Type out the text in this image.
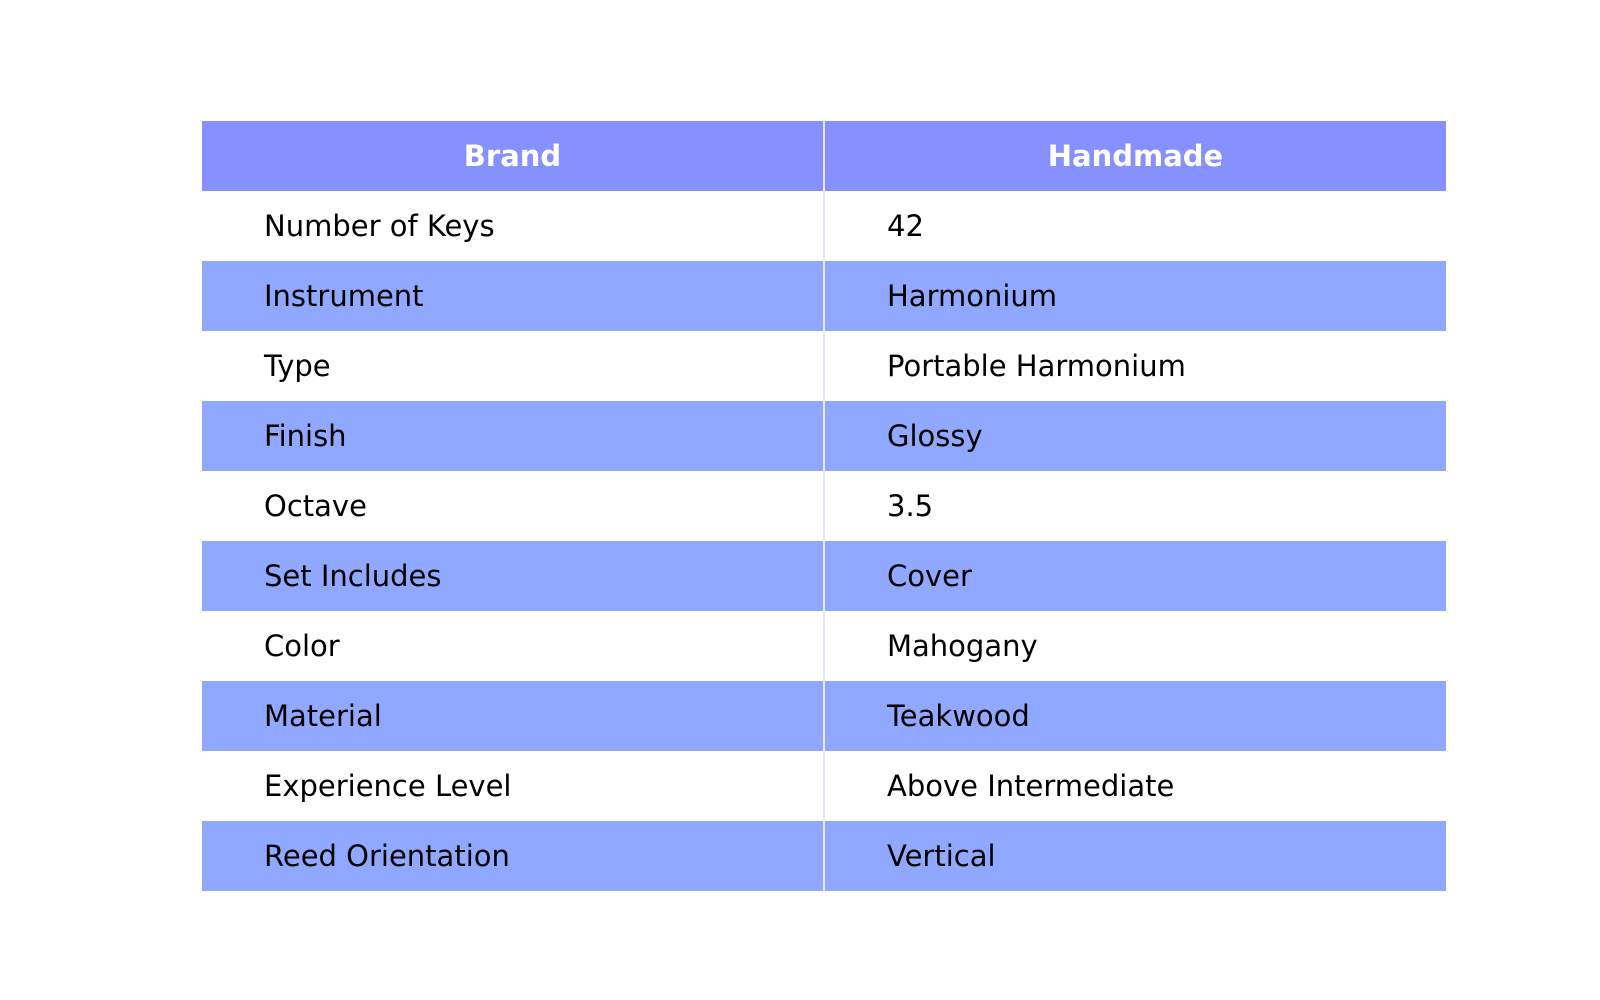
Brand	Handmade
Number of Keys	42
Instrument	Harmonium
Type	Portable Harmonium
Finish	Glossy
Octave	3.5
Set Includes	Cover
Color	Mahogany
Material	Teakwood
Experience Level	Above Intermediate
Reed Orientation	Vertical
